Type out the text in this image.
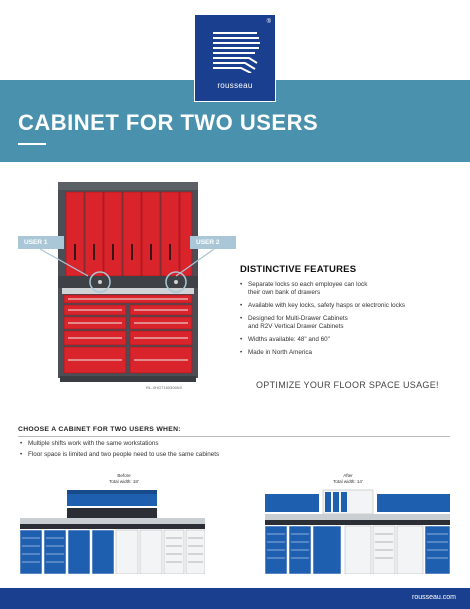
®
rousseau
CABINET FOR TWO USERS
RL-XHG7160306NX
USER 1	USER 2
DISTINCTIVE FEATURES
• Separate locks so each employee can lock
their own bank of drawers
• Available with key locks, safety hasps or electronic locks
• Designed for Multi-Drawer Cabinets
and R2V Vertical Drawer Cabinets
• Widths available: 48" and 60"
• Made in North America
OPTIMIZE YOUR FLOOR SPACE USAGE!
CHOOSE A CABINET FOR TWO USERS WHEN:
• Multiple shifts work with the same workstations
• Floor space is limited and two people need to use the same cabinets
Before
Total width: 18'
After
Total width: 14'
rousseau.com
